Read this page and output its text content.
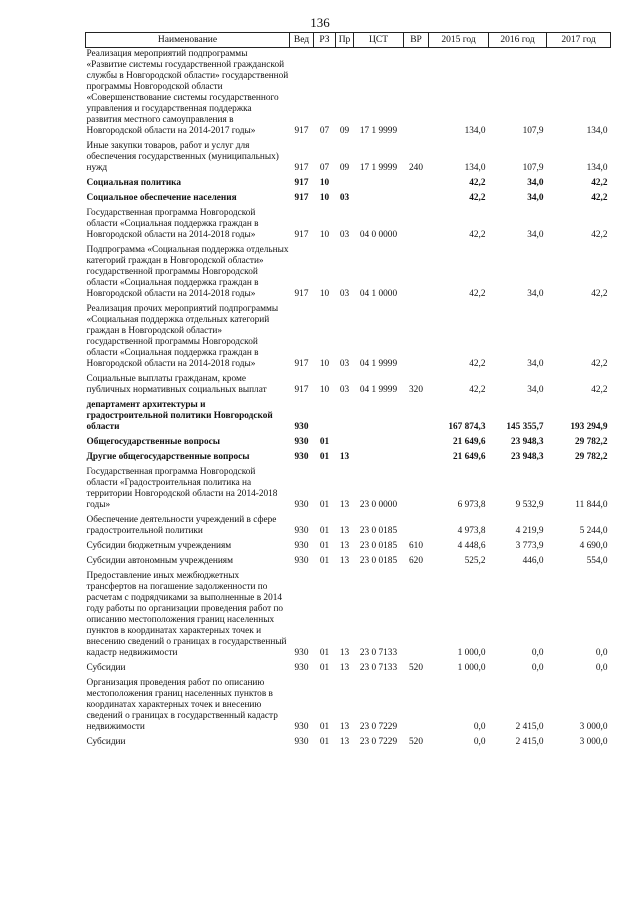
136
Наименование	Вед	РЗ	Пр	ЦСТ	ВР	2015 год	2016 год	2017 год
Реализация мероприятий подпрограммы «Развитие системы государственной гражданской службы в Новгородской области» государственной программы Новгородской области «Совершенствование системы государственного управления и государственная поддержка развития местного самоуправления в Новгородской области на 2014-2017 годы»	917	07	09	17 1 9999		134,0	107,9	134,0
Иные закупки товаров, работ и услуг для обеспечения государственных (муниципальных) нужд	917	07	09	17 1 9999	240	134,0	107,9	134,0
Социальная политика	917	10				42,2	34,0	42,2
Социальное обеспечение населения	917	10	03			42,2	34,0	42,2
Государственная программа Новгородской области «Социальная поддержка граждан в Новгородской области на 2014-2018 годы»	917	10	03	04 0 0000		42,2	34,0	42,2
Подпрограмма «Социальная поддержка отдельных категорий граждан в Новгородской области» государственной программы Новгородской области «Социальная поддержка граждан в Новгородской области на 2014-2018 годы»	917	10	03	04 1 0000		42,2	34,0	42,2
Реализация прочих мероприятий подпрограммы «Социальная поддержка отдельных категорий граждан в Новгородской области» государственной программы Новгородской области «Социальная поддержка граждан в Новгородской области на 2014-2018 годы»	917	10	03	04 1 9999		42,2	34,0	42,2
Социальные выплаты гражданам, кроме публичных нормативных социальных выплат	917	10	03	04 1 9999	320	42,2	34,0	42,2
департамент архитектуры и градостроительной политики Новгородской области	930					167 874,3	145 355,7	193 294,9
Общегосударственные вопросы	930	01				21 649,6	23 948,3	29 782,2
Другие общегосударственные вопросы	930	01	13			21 649,6	23 948,3	29 782,2
Государственная программа Новгородской области «Градостроительная политика на территории Новгородской области на 2014-2018 годы»	930	01	13	23 0 0000		6 973,8	9 532,9	11 844,0
Обеспечение деятельности учреждений в сфере градостроительной политики	930	01	13	23 0 0185		4 973,8	4 219,9	5 244,0
Субсидии бюджетным учреждениям	930	01	13	23 0 0185	610	4 448,6	3 773,9	4 690,0
Субсидии автономным учреждениям	930	01	13	23 0 0185	620	525,2	446,0	554,0
Предоставление иных межбюджетных трансфертов на погашение задолженности по расчетам с подрядчиками за выполненные в 2014 году работы по организации проведения работ по описанию местоположения границ населенных пунктов в координатах характерных точек и внесению сведений о границах в государственный кадастр недвижимости	930	01	13	23 0 7133		1 000,0	0,0	0,0
Субсидии	930	01	13	23 0 7133	520	1 000,0	0,0	0,0
Организация проведения работ по описанию местоположения границ населенных пунктов в координатах характерных точек и внесению сведений о границах в государственный кадастр недвижимости	930	01	13	23 0 7229		0,0	2 415,0	3 000,0
Субсидии	930	01	13	23 0 7229	520	0,0	2 415,0	3 000,0
